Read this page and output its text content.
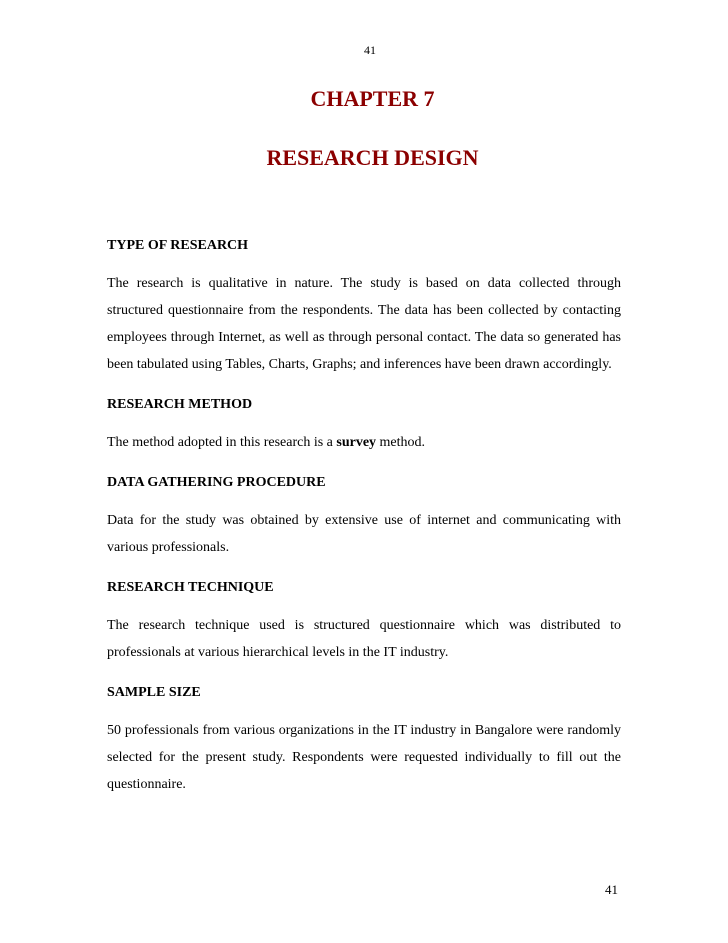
41
CHAPTER 7
RESEARCH DESIGN

TYPE OF RESEARCH

The research is qualitative in nature. The study is based on data collected through structured questionnaire from the respondents. The data has been collected by contacting employees through Internet, as well as through personal contact. The data so generated has been tabulated using Tables, Charts, Graphs; and inferences have been drawn accordingly.

RESEARCH METHOD

The method adopted in this research is a survey method.

DATA GATHERING PROCEDURE

Data for the study was obtained by extensive use of internet and communicating with various professionals.

RESEARCH TECHNIQUE

The research technique used is structured questionnaire which was distributed to professionals at various hierarchical levels in the IT industry.

SAMPLE SIZE

50 professionals from various organizations in the IT industry in Bangalore were randomly selected for the present study. Respondents were requested individually to fill out the questionnaire.

41
